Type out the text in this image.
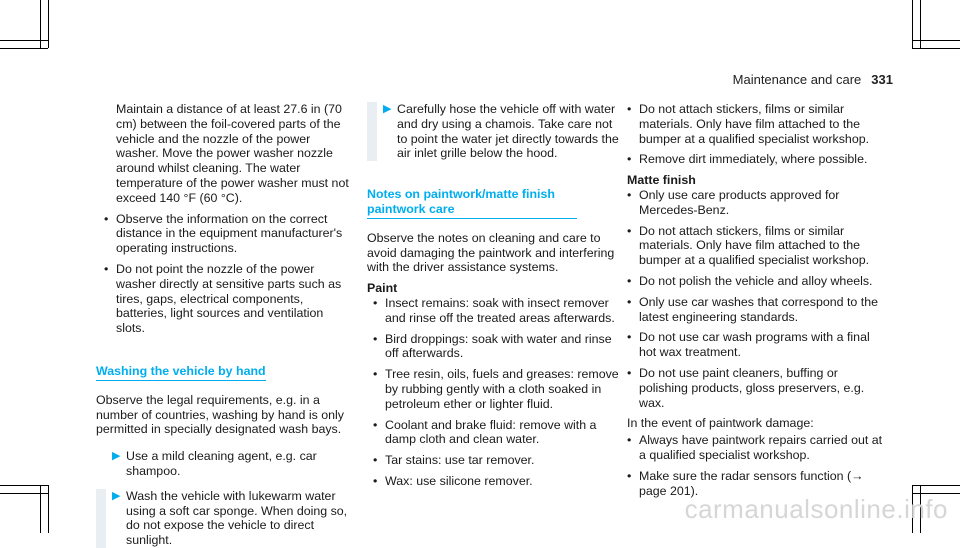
Maintenance and care 331

Maintain a distance of at least 27.6 in (70 cm) between the foil-covered parts of the vehicle and the nozzle of the power washer. Move the power washer nozzle around whilst cleaning. The water temperature of the power washer must not exceed 140 °F (60 °C).

• Observe the information on the correct distance in the equipment manufacturer's operating instructions.
• Do not point the nozzle of the power washer directly at sensitive parts such as tires, gaps, electrical components, batteries, light sources and ventilation slots.
Washing the vehicle by hand

Observe the legal requirements, e.g. in a number of countries, washing by hand is only permitted in specially designated wash bays.

▶ Use a mild cleaning agent, e.g. car shampoo.
▶ Wash the vehicle with lukewarm water using a soft car sponge. When doing so, do not expose the vehicle to direct sunlight.
▶ Carefully hose the vehicle off with water and dry using a chamois. Take care not to point the water jet directly towards the air inlet grille below the hood.
Notes on paintwork/matte finish paintwork care

Observe the notes on cleaning and care to avoid damaging the paintwork and interfering with the driver assistance systems.

Paint

• Insect remains: soak with insect remover and rinse off the treated areas afterwards.
• Bird droppings: soak with water and rinse off afterwards.
• Tree resin, oils, fuels and greases: remove by rubbing gently with a cloth soaked in petroleum ether or lighter fluid.
• Coolant and brake fluid: remove with a damp cloth and clean water.
• Tar stains: use tar remover.
• Wax: use silicone remover.
• Do not attach stickers, films or similar materials. Only have film attached to the bumper at a qualified specialist workshop.
• Remove dirt immediately, where possible.

Matte finish

• Only use care products approved for Mercedes-Benz.
• Do not attach stickers, films or similar materials. Only have film attached to the bumper at a qualified specialist workshop.
• Do not polish the vehicle and alloy wheels.
• Only use car washes that correspond to the latest engineering standards.
• Do not use car wash programs with a final hot wax treatment.
• Do not use paint cleaners, buffing or polishing products, gloss preservers, e.g. wax.

In the event of paintwork damage:

• Always have paintwork repairs carried out at a qualified specialist workshop.
• Make sure the radar sensors function (→ page 201).
carmanualsonline.info
